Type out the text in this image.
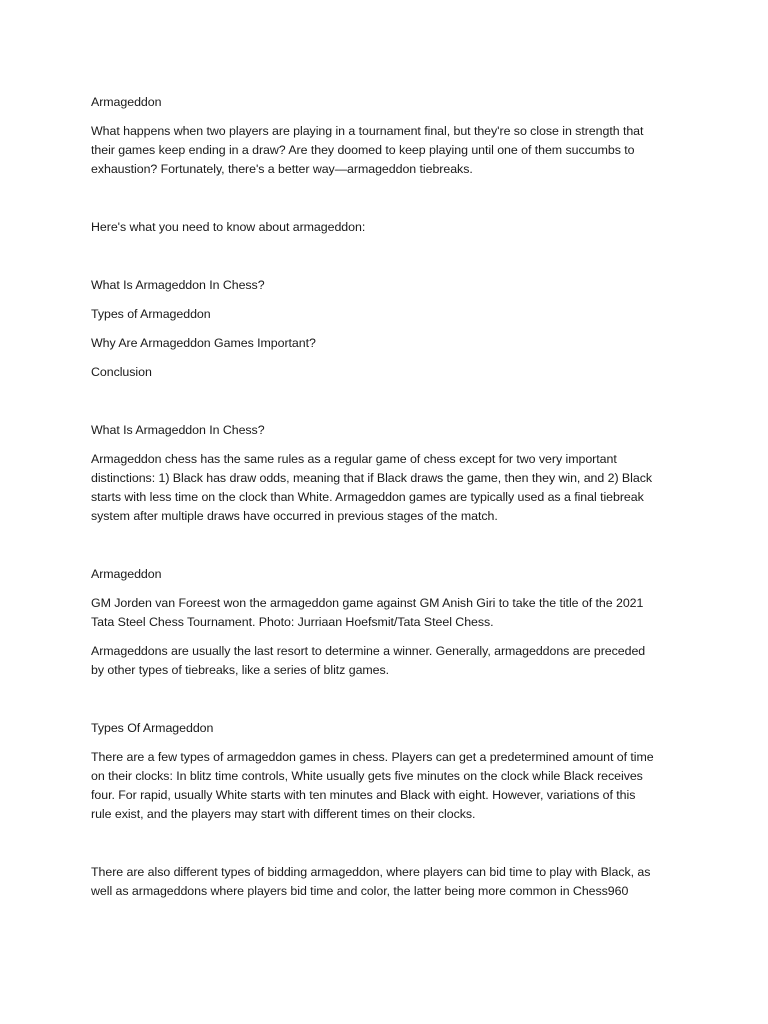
Armageddon

What happens when two players are playing in a tournament final, but they're so close in strength that

their games keep ending in a draw? Are they doomed to keep playing until one of them succumbs to

exhaustion? Fortunately, there's a better way—armageddon tiebreaks.

Here's what you need to know about armageddon:

What Is Armageddon In Chess?

Types of Armageddon

Why Are Armageddon Games Important?

Conclusion

What Is Armageddon In Chess?

Armageddon chess has the same rules as a regular game of chess except for two very important

distinctions: 1) Black has draw odds, meaning that if Black draws the game, then they win, and 2) Black

starts with less time on the clock than White. Armageddon games are typically used as a final tiebreak

system after multiple draws have occurred in previous stages of the match.

Armageddon

GM Jorden van Foreest won the armageddon game against GM Anish Giri to take the title of the 2021

Tata Steel Chess Tournament. Photo: Jurriaan Hoefsmit/Tata Steel Chess.

Armageddons are usually the last resort to determine a winner. Generally, armageddons are preceded

by other types of tiebreaks, like a series of blitz games.

Types Of Armageddon

There are a few types of armageddon games in chess. Players can get a predetermined amount of time

on their clocks: In blitz time controls, White usually gets five minutes on the clock while Black receives

four. For rapid, usually White starts with ten minutes and Black with eight. However, variations of this

rule exist, and the players may start with different times on their clocks.

There are also different types of bidding armageddon, where players can bid time to play with Black, as

well as armageddons where players bid time and color, the latter being more common in Chess960
